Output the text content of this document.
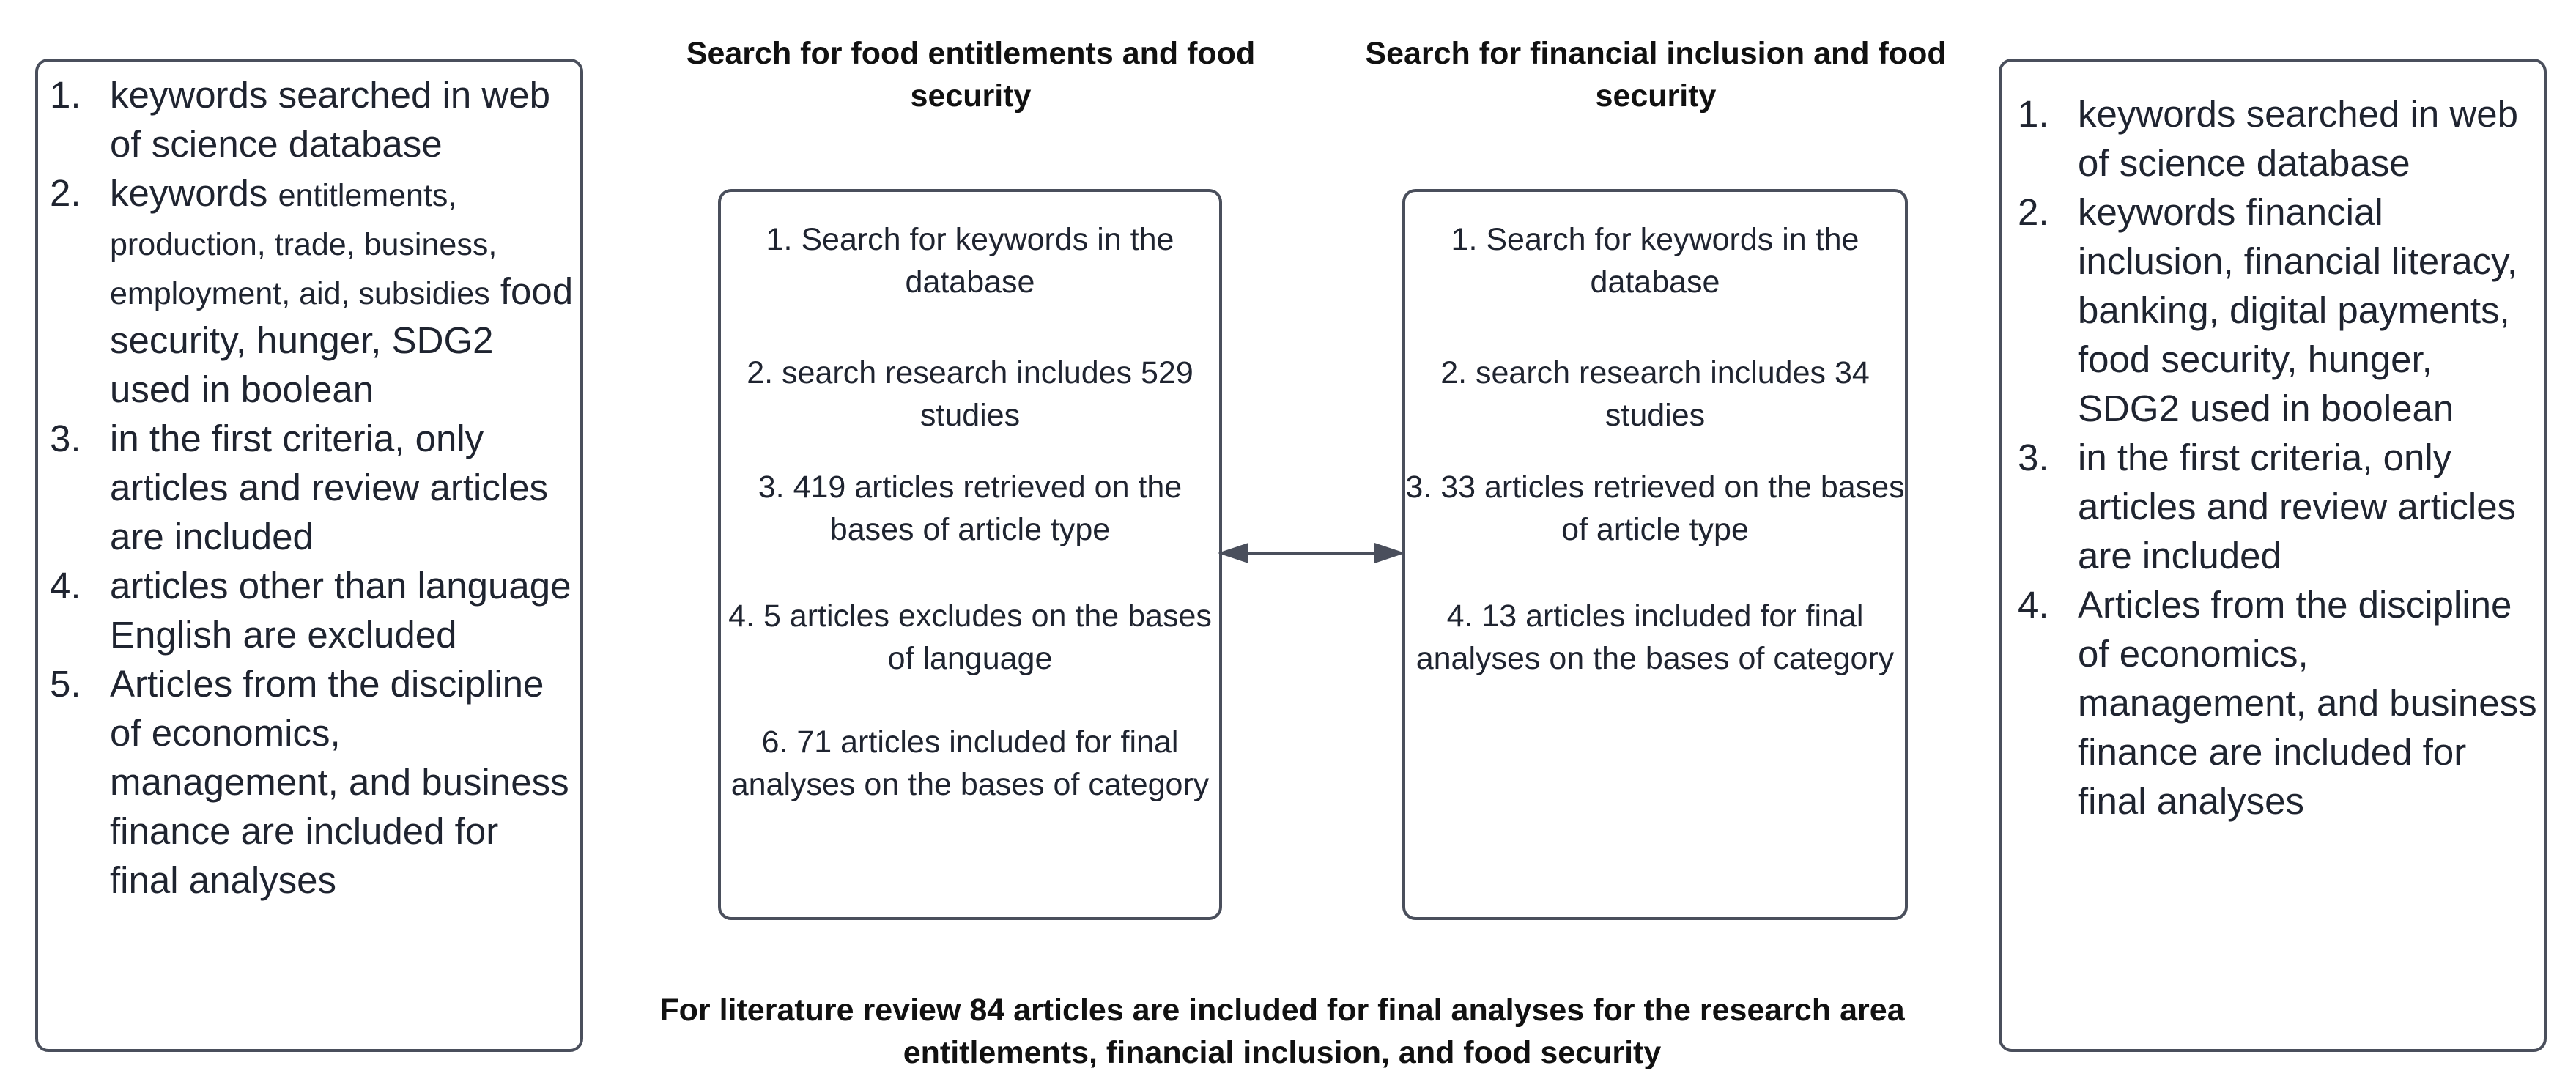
Search for food entitlements and food security
Search for financial inclusion and food security
1. keywords searched in web of science database
2. keywords entitlements, production, trade, business, employment, aid, subsidies food security, hunger, SDG2 used in boolean
3. in the first criteria, only articles and review articles are included
4. articles other than language English are excluded
5. Articles from the discipline of economics, management, and business finance are included for final analyses
1. Search for keywords in the database
2. search research includes 529 studies
3. 419 articles retrieved on the bases of article type
4. 5 articles excludes on the bases of language
6. 71 articles included for final analyses on the bases of category
1. Search for keywords in the database
2. search research includes 34 studies
3. 33 articles retrieved on the bases of article type
4. 13 articles included for final analyses on the bases of category
1. keywords searched in web of science database
2. keywords financial inclusion, financial literacy, banking, digital payments, food security, hunger, SDG2 used in boolean
3. in the first criteria, only articles and review articles are included
4. Articles from the discipline of economics, management, and business finance are included for final analyses
For literature review 84 articles are included for final analyses for the research area entitlements, financial inclusion, and food security
